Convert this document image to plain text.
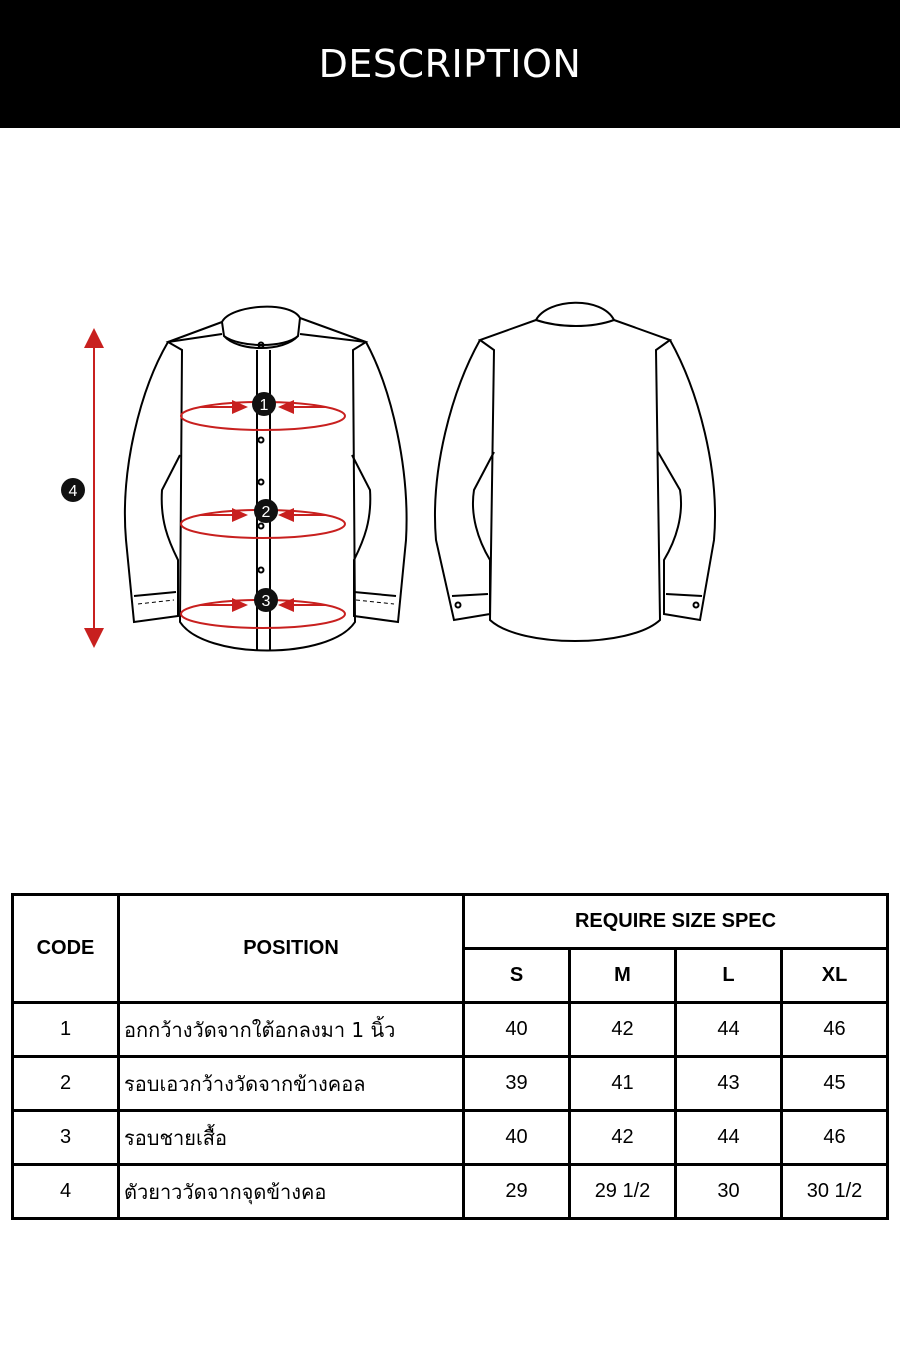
DESCRIPTION
4
1
2
3
CODE	POSITION	REQUIRE SIZE SPEC			
		S	M	L	XL
1	อกกว้างวัดจากใต้อกลงมา 1 นิ้ว	40	42	44	46
2	รอบเอวกว้างวัดจากข้างคอล	39	41	43	45
3	รอบชายเสื้อ	40	42	44	46
4	ตัวยาววัดจากจุดข้างคอ	29	29 1/2	30	30 1/2
